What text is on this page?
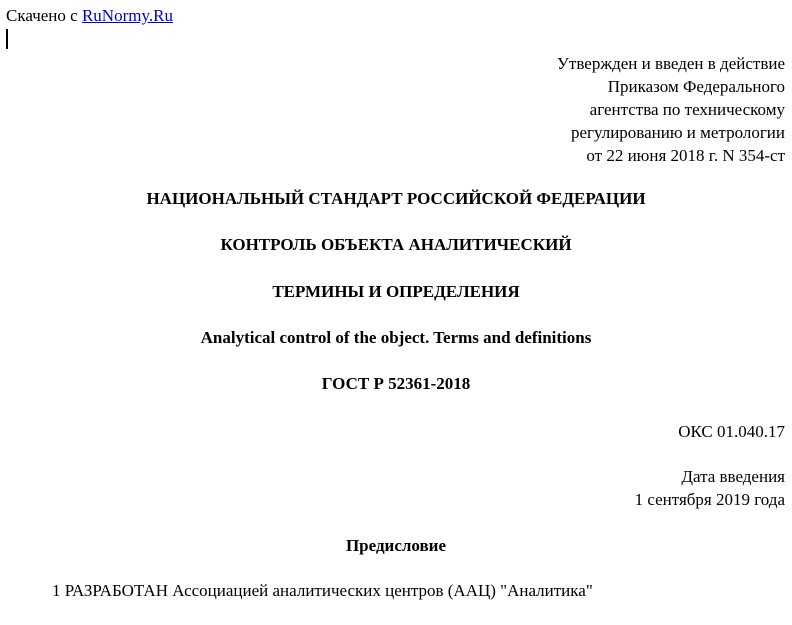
Скачено с RuNormy.Ru
Утвержден и введен в действие
Приказом Федерального
агентства по техническому
регулированию и метрологии
от 22 июня 2018 г. N 354-ст
НАЦИОНАЛЬНЫЙ СТАНДАРТ РОССИЙСКОЙ ФЕДЕРАЦИИ
КОНТРОЛЬ ОБЪЕКТА АНАЛИТИЧЕСКИЙ
ТЕРМИНЫ И ОПРЕДЕЛЕНИЯ
Analytical control of the object. Terms and definitions
ГОСТ Р 52361-2018
ОКС 01.040.17
Дата введения
1 сентября 2019 года
Предисловие
1 РАЗРАБОТАН Ассоциацией аналитических центров (ААЦ) "Аналитика"
